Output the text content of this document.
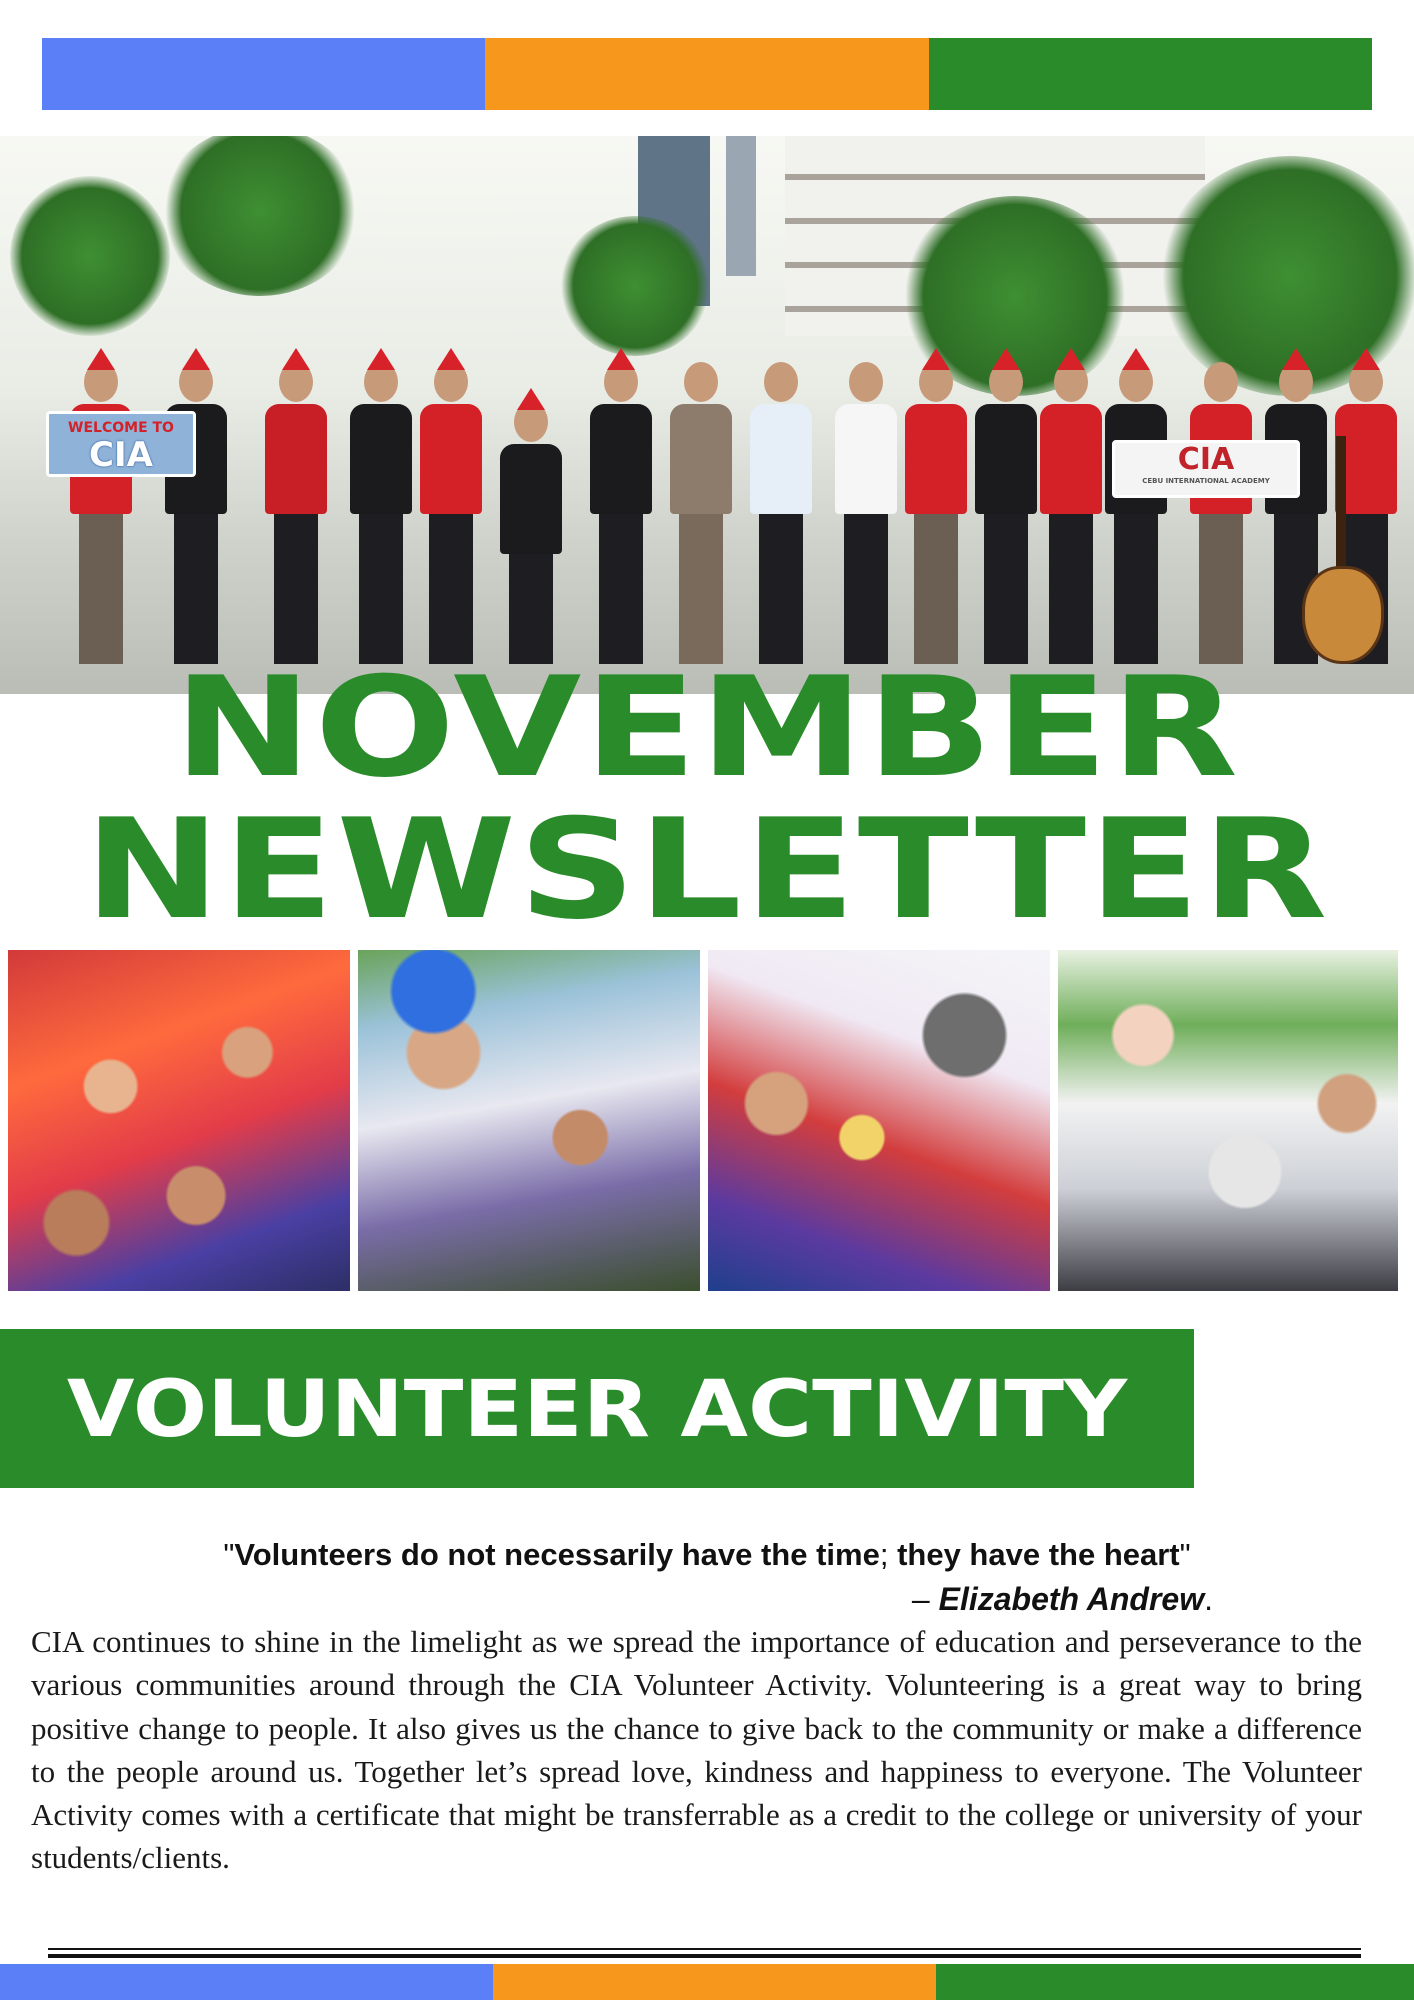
WELCOME TO
CIA	CIA
CEBU INTERNATIONAL ACADEMY
NOVEMBER
NEWSLETTER
VOLUNTEER ACTIVITY
"Volunteers do not necessarily have the time; they have the heart"
– Elizabeth Andrew.

CIA continues to shine in the limelight as we spread the importance of education and perseverance to the various communities around through the CIA Volunteer Activity. Volunteering is a great way to bring positive change to people. It also gives us the chance to give back to the community or make a difference to the people around us. Together let’s spread love, kindness and happiness to everyone. The Volunteer Activity comes with a certificate that might be transferrable as a credit to the college or university of your students/clients.
